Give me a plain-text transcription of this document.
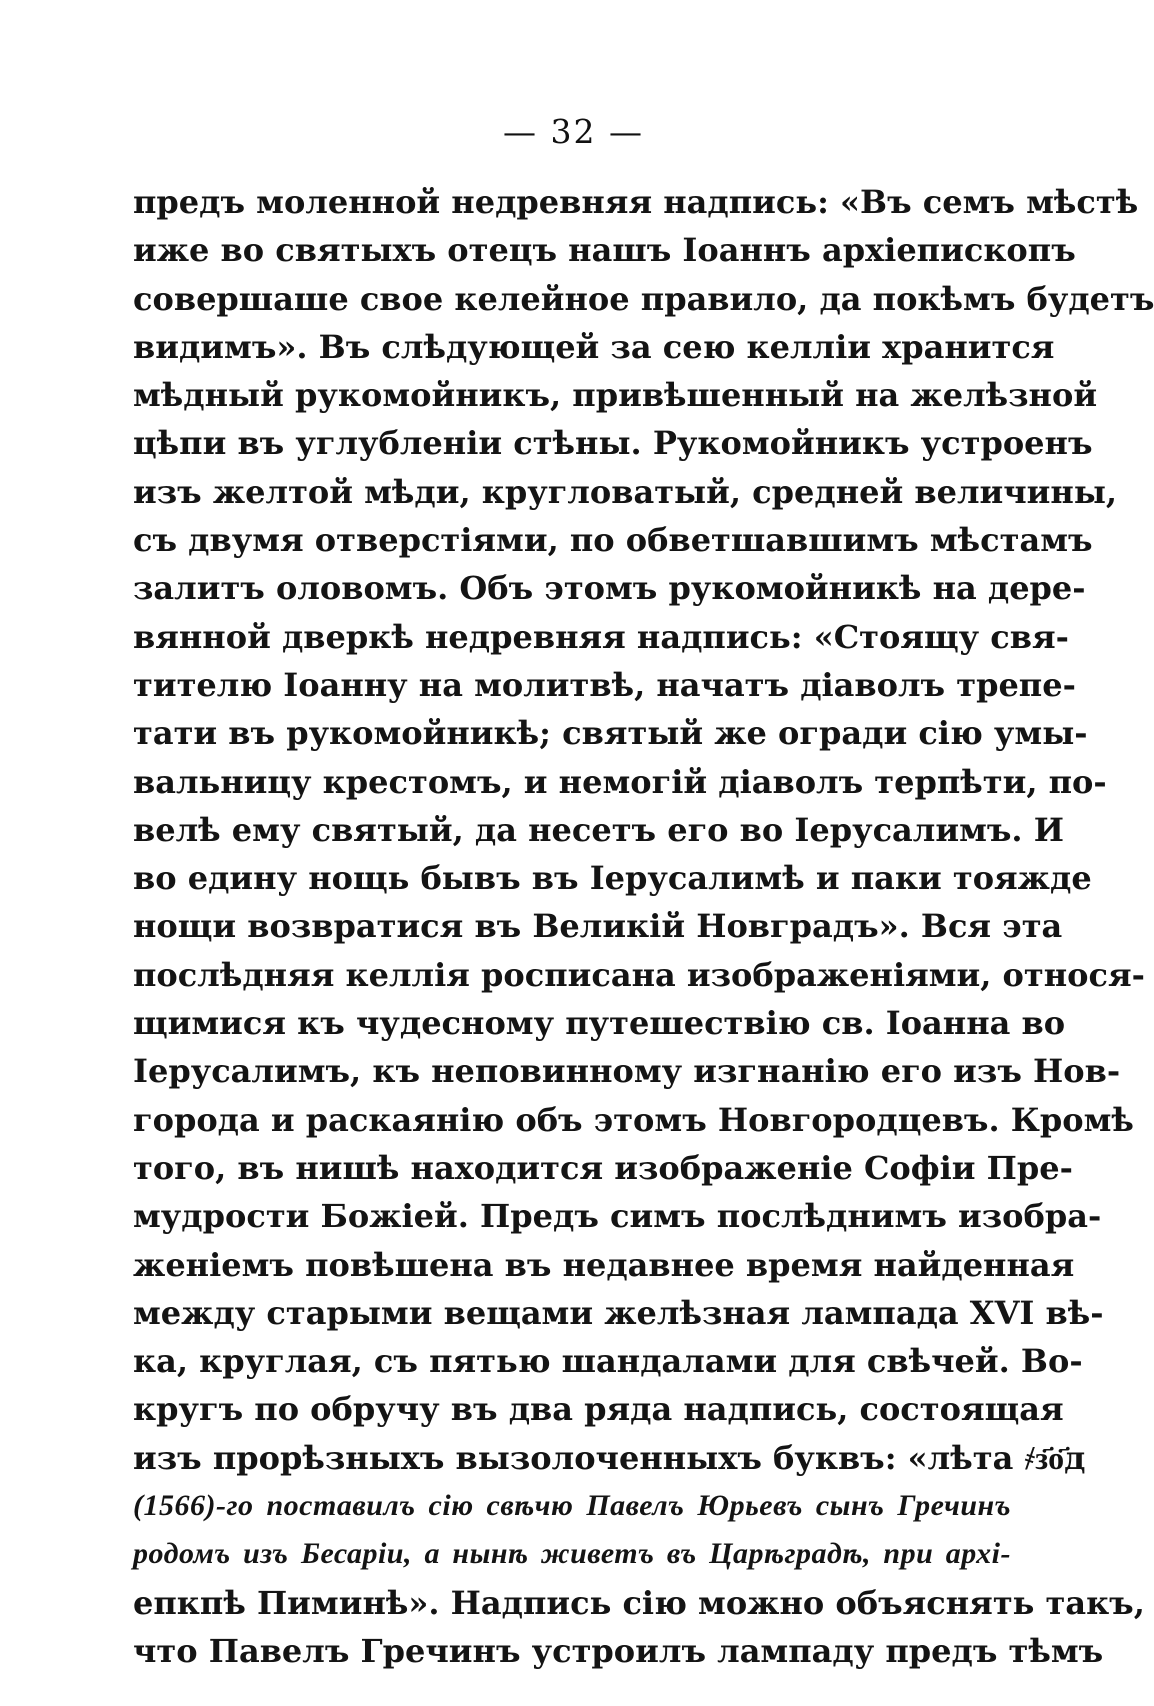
— 32 —
предъ моленной недревняя надпись: «Въ семъ мѣстѣ
иже во святыхъ отецъ нашъ Іоаннъ архіепископъ
совершаше свое келейное правило, да покѣмъ будетъ
видимъ». Въ слѣдующей за сею келліи хранится
мѣдный рукомойникъ, привѣшенный на желѣзной
цѣпи въ углубленіи стѣны. Рукомойникъ устроенъ
изъ желтой мѣди, кругловатый, средней величины,
съ двумя отверстіями, по обветшавшимъ мѣстамъ
залитъ оловомъ. Объ этомъ рукомойникѣ на дере-
вянной дверкѣ недревняя надпись: «Стоящу свя-
тителю Іоанну на молитвѣ, начатъ діаволъ трепе-
тати въ рукомойникѣ; святый же огради сію умы-
вальницу крестомъ, и немогій діаволъ терпѣти, по-
велѣ ему святый, да несетъ его во Іерусалимъ. И
во едину нощь бывъ въ Іерусалимѣ и паки тояжде
нощи возвратися въ Великій Новградъ». Вся эта
послѣдняя келлія росписана изображеніями, относя-
щимися къ чудесному путешествію св. Іоанна во
Іерусалимъ, къ неповинному изгнанію его изъ Нов-
города и раскаянію объ этомъ Новгородцевъ. Кромѣ
того, въ нишѣ находится изображеніе Софіи Пре-
мудрости Божіей. Предъ симъ послѣднимъ изобра-
женіемъ повѣшена въ недавнее время найденная
между старыми вещами желѣзная лампада XVI вѣ-
ка, круглая, съ пятью шандалами для свѣчей. Во-
кругъ по обручу въ два ряда надпись, состоящая
изъ прорѣзныхъ вызолоченныхъ буквъ: «лѣта ҂з҃о҃д
(1566)-го поставилъ сію свѣчю Павелъ Юрьевъ сынъ Гречинъ
родомъ изъ Бесаріи, а нынѣ живетъ въ Царѣградѣ, при архі-
епкпѣ Пиминѣ». Надпись сію можно объяснять такъ,
что Павелъ Гречинъ устроилъ лампаду предъ тѣмъ
